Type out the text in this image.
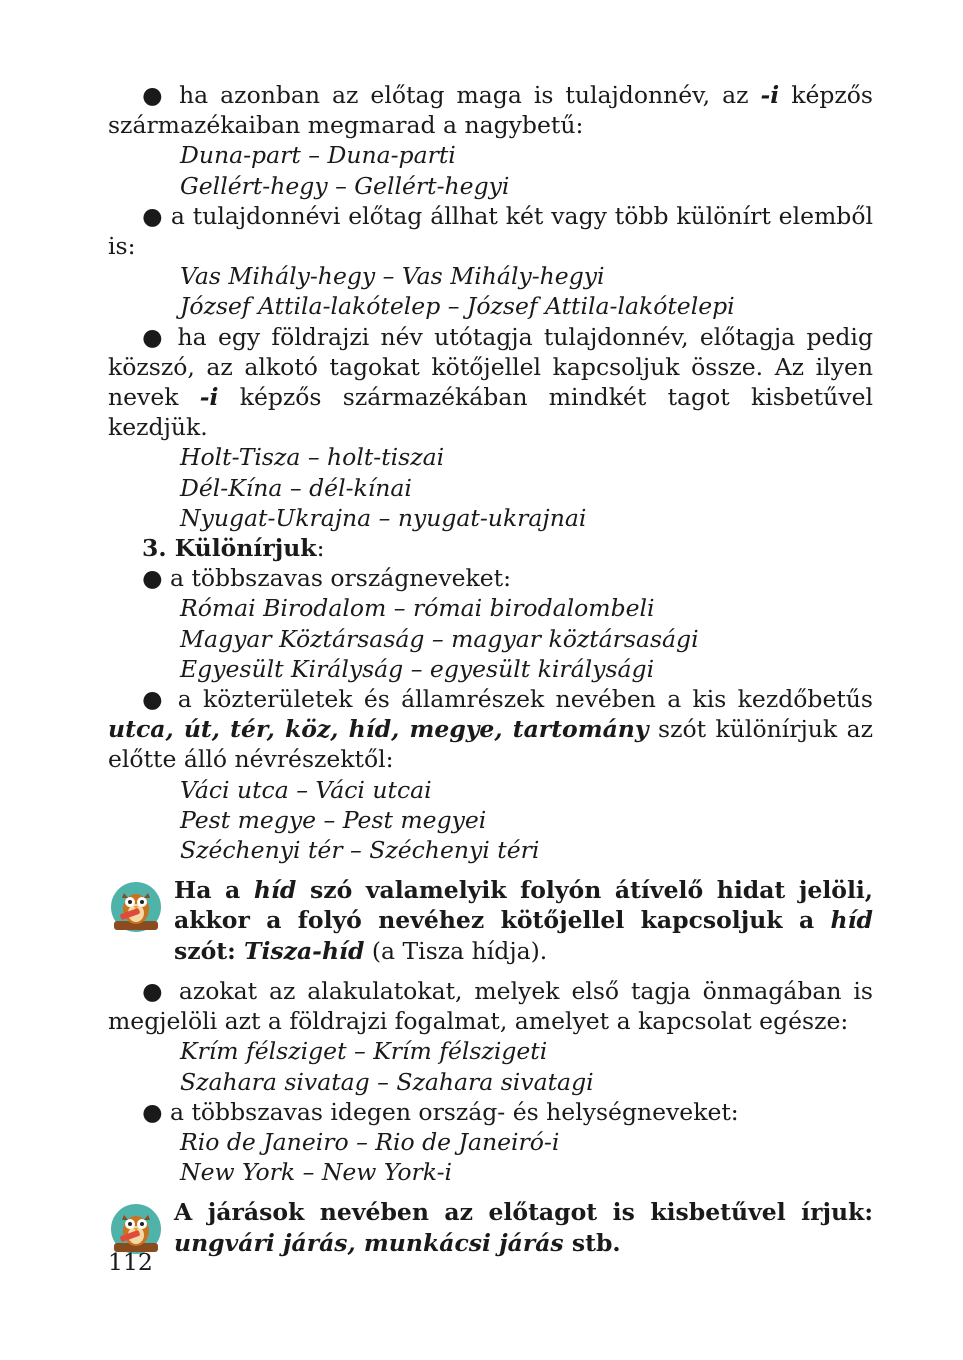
● ha azonban az előtag maga is tulajdonnév, az -i képzős származékaiban megmarad a nagybetű:

Duna-part – Duna-parti

Gellért-hegy – Gellért-hegyi

● a tulajdonnévi előtag állhat két vagy több különírt elemből is:

Vas Mihály-hegy – Vas Mihály-hegyi

József Attila-lakótelep – József Attila-lakótelepi

● ha egy földrajzi név utótagja tulajdonnév, előtagja pedig közszó, az alkotó tagokat kötőjellel kapcsoljuk össze. Az ilyen nevek -i képzős származékában mindkét tagot kisbetűvel kezdjük.

Holt-Tisza – holt-tiszai

Dél-Kína – dél-kínai

Nyugat-Ukrajna – nyugat-ukrajnai

3. Különírjuk:

● a többszavas országneveket:

Római Birodalom – római birodalombeli

Magyar Köztársaság – magyar köztársasági

Egyesült Királyság – egyesült királysági

● a közterületek és államrészek nevében a kis kezdőbetűs utca, út, tér, köz, híd, megye, tartomány szót különírjuk az előtte álló névrészektől:

Váci utca – Váci utcai

Pest megye – Pest megyei

Széchenyi tér – Széchenyi téri

Ha a híd szó valamelyik folyón átívelő hidat jelöli, akkor a folyó nevéhez kötőjellel kapcsoljuk a híd szót: Tisza-híd (a Tisza hídja).

● azokat az alakulatokat, melyek első tagja önmagában is megjelöli azt a földrajzi fogalmat, amelyet a kapcsolat egésze:

Krím félsziget – Krím félszigeti

Szahara sivatag – Szahara sivatagi

● a többszavas idegen ország- és helységneveket:

Rio de Janeiro – Rio de Janeiró-i

New York – New York-i

A járások nevében az előtagot is kisbetűvel írjuk: ungvári járás, munkácsi járás stb.

112
